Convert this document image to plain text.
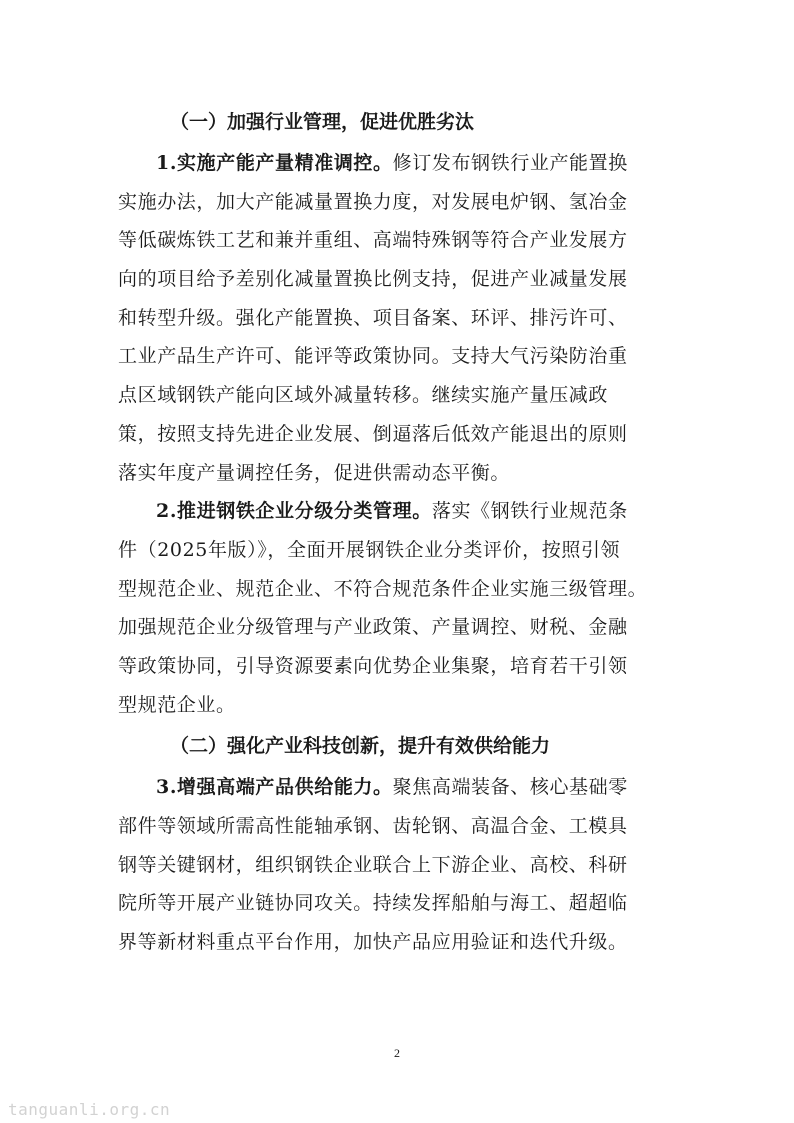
（一）加强行业管理，促进优胜劣汰

1.实施产能产量精准调控。修订发布钢铁行业产能置换
实施办法，加大产能减量置换力度，对发展电炉钢、氢冶金
等低碳炼铁工艺和兼并重组、高端特殊钢等符合产业发展方
向的项目给予差别化减量置换比例支持，促进产业减量发展
和转型升级。强化产能置换、项目备案、环评、排污许可、
工业产品生产许可、能评等政策协同。支持大气污染防治重
点区域钢铁产能向区域外减量转移。继续实施产量压减政
策，按照支持先进企业发展、倒逼落后低效产能退出的原则
落实年度产量调控任务，促进供需动态平衡。

2.推进钢铁企业分级分类管理。落实《钢铁行业规范条
件（2025年版）》，全面开展钢铁企业分类评价，按照引领
型规范企业、规范企业、不符合规范条件企业实施三级管理。
加强规范企业分级管理与产业政策、产量调控、财税、金融
等政策协同，引导资源要素向优势企业集聚，培育若干引领
型规范企业。

（二）强化产业科技创新，提升有效供给能力

3.增强高端产品供给能力。聚焦高端装备、核心基础零
部件等领域所需高性能轴承钢、齿轮钢、高温合金、工模具
钢等关键钢材，组织钢铁企业联合上下游企业、高校、科研
院所等开展产业链协同攻关。持续发挥船舶与海工、超超临
界等新材料重点平台作用，加快产品应用验证和迭代升级。

2
tanguanli.org.cn
